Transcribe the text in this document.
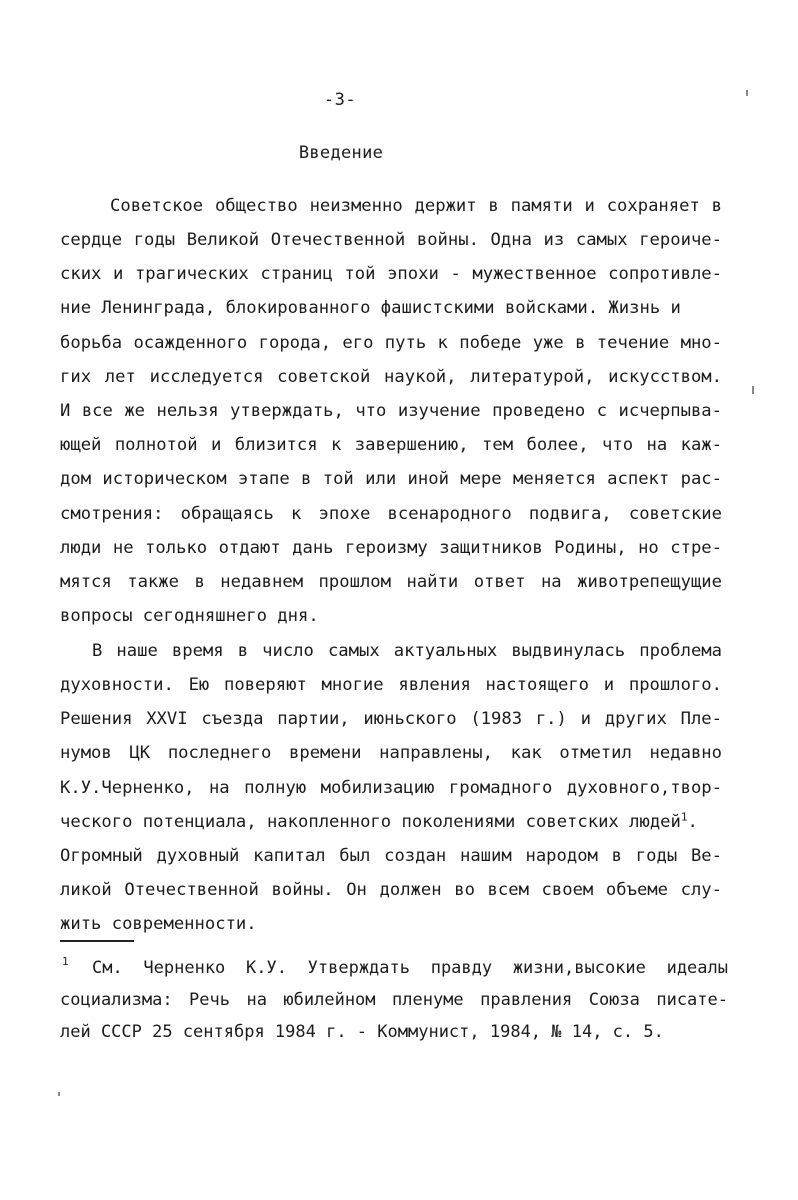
-3-
Введение
Советское общество неизменно держит в памяти и сохраняет в
сердце годы Великой Отечественной войны. Одна из самых героиче-
ских и трагических страниц той эпохи - мужественное сопротивле-
ние Ленинграда, блокированного фашистскими войсками. Жизнь и
борьба осажденного города, его путь к победе уже в течение мно-
гих лет исследуется советской наукой, литературой, искусством.
И все же нельзя утверждать, что изучение проведено с исчерпыва-
ющей полнотой и близится к завершению, тем более, что на каж-
дом историческом этапе в той или иной мере меняется аспект рас-
смотрения: обращаясь к эпохе всенародного подвига, советские
люди не только отдают дань героизму защитников Родины, но стре-
мятся также в недавнем прошлом найти ответ на животрепещущие
вопросы сегодняшнего дня.
В наше время в число самых актуальных выдвинулась проблема
духовности. Ею поверяют многие явления настоящего и прошлого.
Решения XXVI съезда партии, июньского (1983 г.) и других Пле-
нумов ЦК последнего времени направлены, как отметил недавно
К.У.Черненко, на полную мобилизацию громадного духовного,твор-
ческого потенциала, накопленного поколениями советских людей$^1$.
Огромный духовный капитал был создан нашим народом в годы Ве-
ликой Отечественной войны. Он должен во всем своем объеме слу-
жить современности.
1 См. Черненко К.У. Утверждать правду жизни,высокие идеалы
социализма: Речь на юбилейном пленуме правления Союза писате-
лей СССР 25 сентября 1984 г. - Коммунист, 1984, № 14, с. 5.
